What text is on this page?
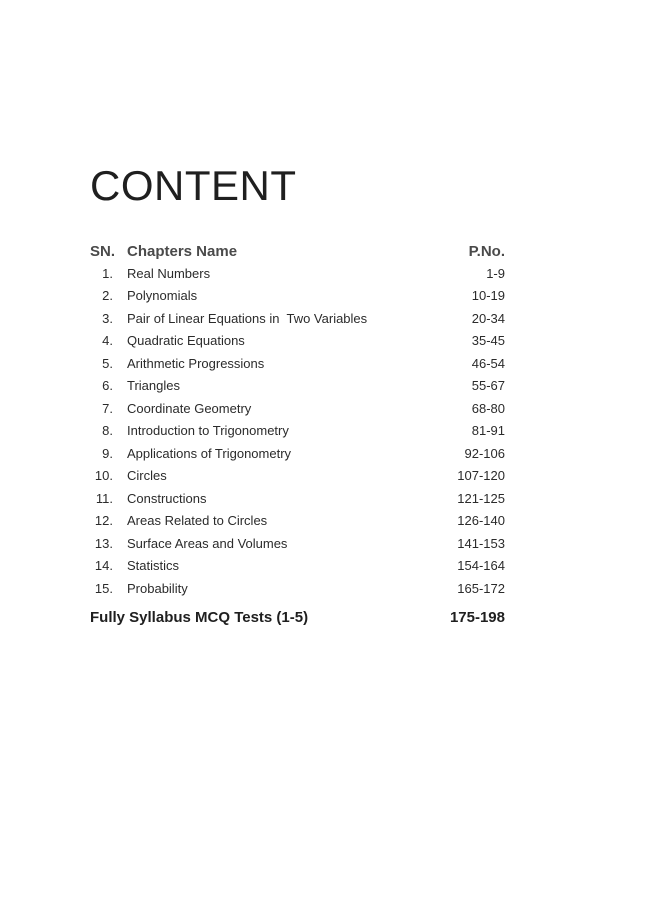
CONTENT
SN. Chapters Name	P.No.
1.	Real Numbers	1-9
2.	Polynomials	10-19
3.	Pair of Linear Equations in  Two Variables	20-34
4.	Quadratic Equations	35-45
5.	Arithmetic Progressions	46-54
6.	Triangles	55-67
7.	Coordinate Geometry	68-80
8.	Introduction to Trigonometry	81-91
9.	Applications of Trigonometry	92-106
10.	Circles	107-120
11.	Constructions	121-125
12.	Areas Related to Circles	126-140
13.	Surface Areas and Volumes	141-153
14.	Statistics	154-164
15.	Probability	165-172
Fully Syllabus MCQ Tests (1-5)	175-198
